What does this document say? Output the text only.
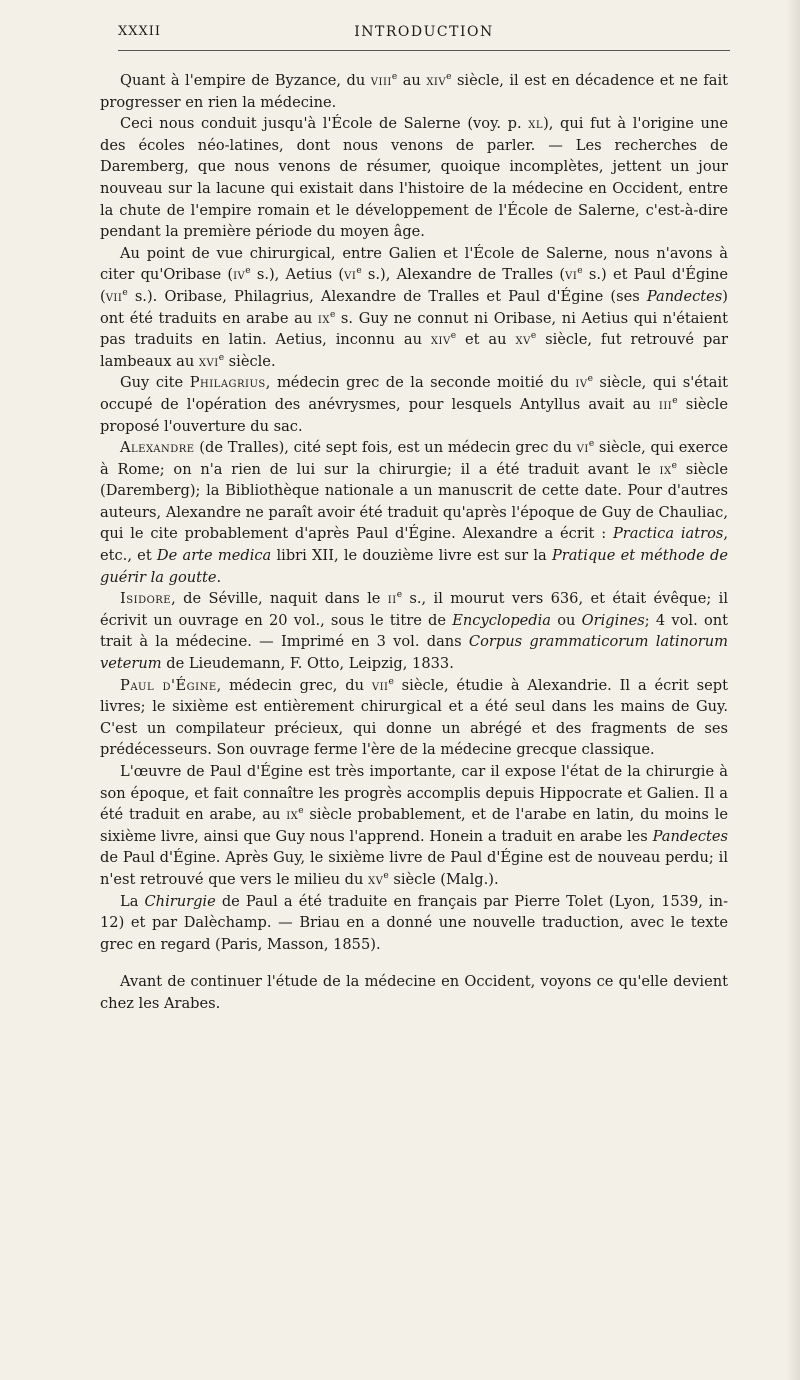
XXXII	INTRODUCTION

Quant à l'empire de Byzance, du viii$^e$ au xiv$^e$ siècle, il est en décadence et ne fait progresser en rien la médecine.

Ceci nous conduit jusqu'à l'École de Salerne (voy. p. xl), qui fut à l'origine une des écoles néo-latines, dont nous venons de parler. — Les recherches de Daremberg, que nous venons de résumer, quoique incomplètes, jettent un jour nouveau sur la lacune qui existait dans l'histoire de la médecine en Occident, entre la chute de l'empire romain et le développement de l'École de Salerne, c'est-à-dire pendant la première période du moyen âge.

Au point de vue chirurgical, entre Galien et l'École de Salerne, nous n'avons à citer qu'Oribase ($iv^e$ s.), Aetius ($vi^e$ s.), Alexandre de Tralles ($vi^e$ s.) et Paul d'Égine (vii$^e$ s.). Oribase, Philagrius, Alexandre de Tralles et Paul d'Égine (ses Pandectes) ont été traduits en arabe au $ix^e$ s. Guy ne connut ni Oribase, ni Aetius qui n'étaient pas traduits en latin. Aetius, inconnu au xiv$^e$ et au $xv^e$ siècle, fut retrouvé par lambeaux au xvi$^e$ siècle.

Guy cite Philagrius, médecin grec de la seconde moitié du $iv^e$ siècle, qui s'était occupé de l'opération des anévrysmes, pour lesquels Antyllus avait au iii$^e$ siècle proposé l'ouverture du sac.

Alexandre (de Tralles), cité sept fois, est un médecin grec du $vi^e$ siècle, qui exerce à Rome; on n'a rien de lui sur la chirurgie; il a été traduit avant le $ix^e$ siècle (Daremberg); la Bibliothèque nationale a un manuscrit de cette date. Pour d'autres auteurs, Alexandre ne paraît avoir été traduit qu'après l'époque de Guy de Chauliac, qui le cite probablement d'après Paul d'Égine. Alexandre a écrit : Practica iatros, etc., et De arte medica libri XII, le douzième livre est sur la Pratique et méthode de guérir la goutte.

Isidore, de Séville, naquit dans le $ii^e$ s., il mourut vers 636, et était évêque; il écrivit un ouvrage en 20 vol., sous le titre de Encyclopedia ou Origines; 4 vol. ont trait à la médecine. — Imprimé en 3 vol. dans Corpus grammaticorum latinorum veterum de Lieudemann, F. Otto, Leipzig, 1833.

Paul d'Égine, médecin grec, du vii$^e$ siècle, étudie à Alexandrie. Il a écrit sept livres; le sixième est entièrement chirurgical et a été seul dans les mains de Guy. C'est un compilateur précieux, qui donne un abrégé et des fragments de ses prédécesseurs. Son ouvrage ferme l'ère de la médecine grecque classique.

L'œuvre de Paul d'Égine est très importante, car il expose l'état de la chirurgie à son époque, et fait connaître les progrès accomplis depuis Hippocrate et Galien. Il a été traduit en arabe, au $ix^e$ siècle probablement, et de l'arabe en latin, du moins le sixième livre, ainsi que Guy nous l'apprend. Honein a traduit en arabe les Pandectes de Paul d'Égine. Après Guy, le sixième livre de Paul d'Égine est de nouveau perdu; il n'est retrouvé que vers le milieu du $xv^e$ siècle (Malg.).

La Chirurgie de Paul a été traduite en français par Pierre Tolet (Lyon, 1539, in-12) et par Dalèchamp. — Briau en a donné une nouvelle traduction, avec le texte grec en regard (Paris, Masson, 1855).

Avant de continuer l'étude de la médecine en Occident, voyons ce qu'elle devient chez les Arabes.
